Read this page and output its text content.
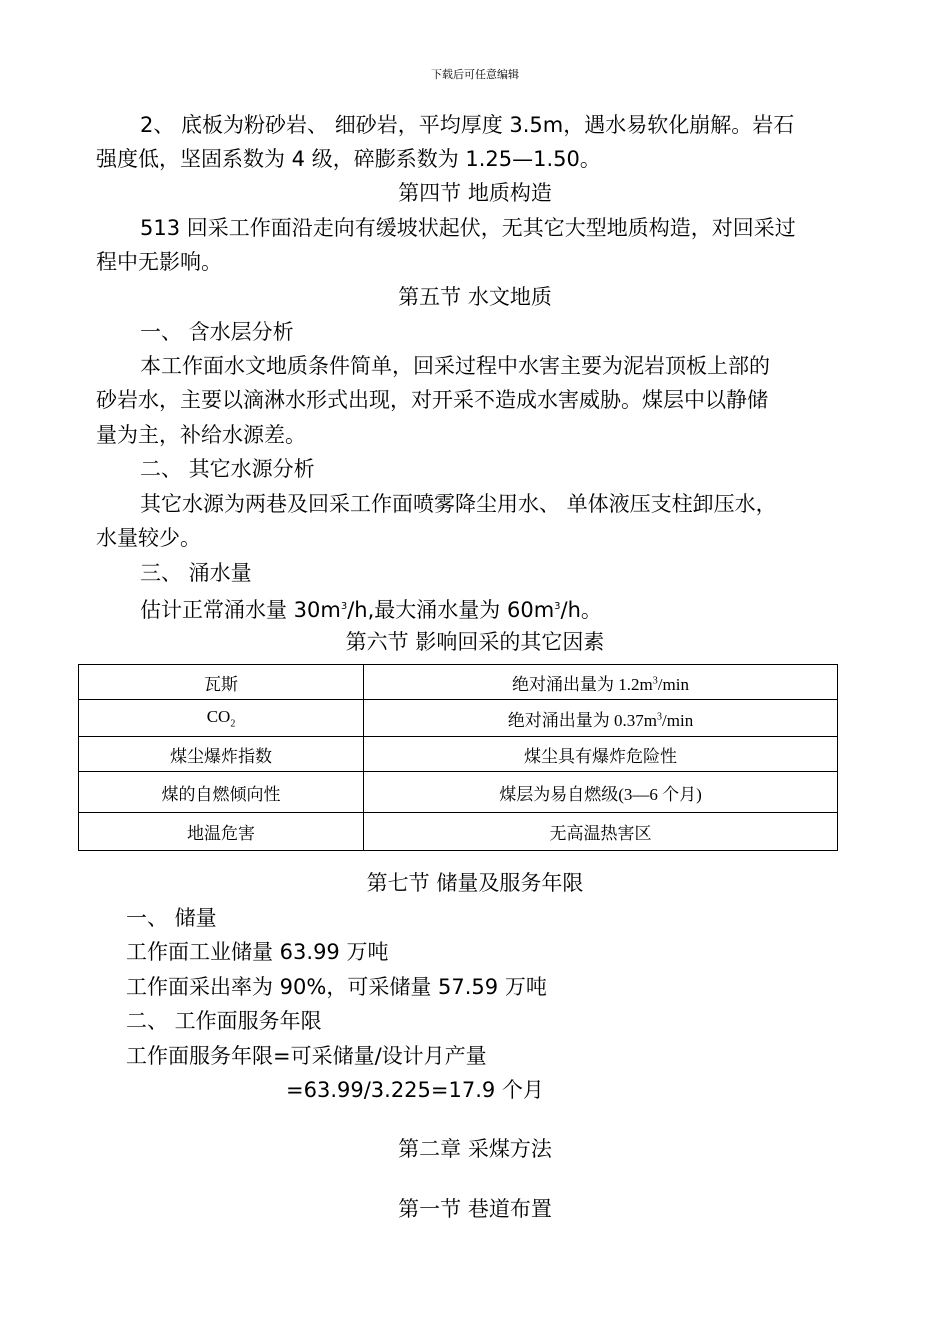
下载后可任意编辑
2、 底板为粉砂岩、 细砂岩，平均厚度 3.5m，遇水易软化崩解。岩石
强度低，坚固系数为 4 级，碎膨系数为 1.25—1.50。
第四节 地质构造
513 回采工作面沿走向有缓坡状起伏，无其它大型地质构造，对回采过
程中无影响。
第五节 水文地质
一、 含水层分析
本工作面水文地质条件简单，回采过程中水害主要为泥岩顶板上部的
砂岩水，主要以滴淋水形式出现，对开采不造成水害威胁。煤层中以静储
量为主，补给水源差。
二、 其它水源分析
其它水源为两巷及回采工作面喷雾降尘用水、 单体液压支柱卸压水，
水量较少。
三、 涌水量
估计正常涌水量 $30m^3/h$,最大涌水量为 $60m^3/h$。
第六节 影响回采的其它因素
瓦斯	绝对涌出量为 $1.2m^3/\min$
$CO_2$	绝对涌出量为 $0.37m^3/\min$
煤尘爆炸指数	煤尘具有爆炸危险性
煤的自燃倾向性	煤层为易自燃级(3—6 个月)
地温危害	无高温热害区
第七节 储量及服务年限
一、 储量
工作面工业储量 63.99 万吨
工作面采出率为 90%，可采储量 57.59 万吨
二、 工作面服务年限
工作面服务年限=可采储量/设计月产量
=63.99/3.225=17.9 个月
第二章 采煤方法
第一节 巷道布置
